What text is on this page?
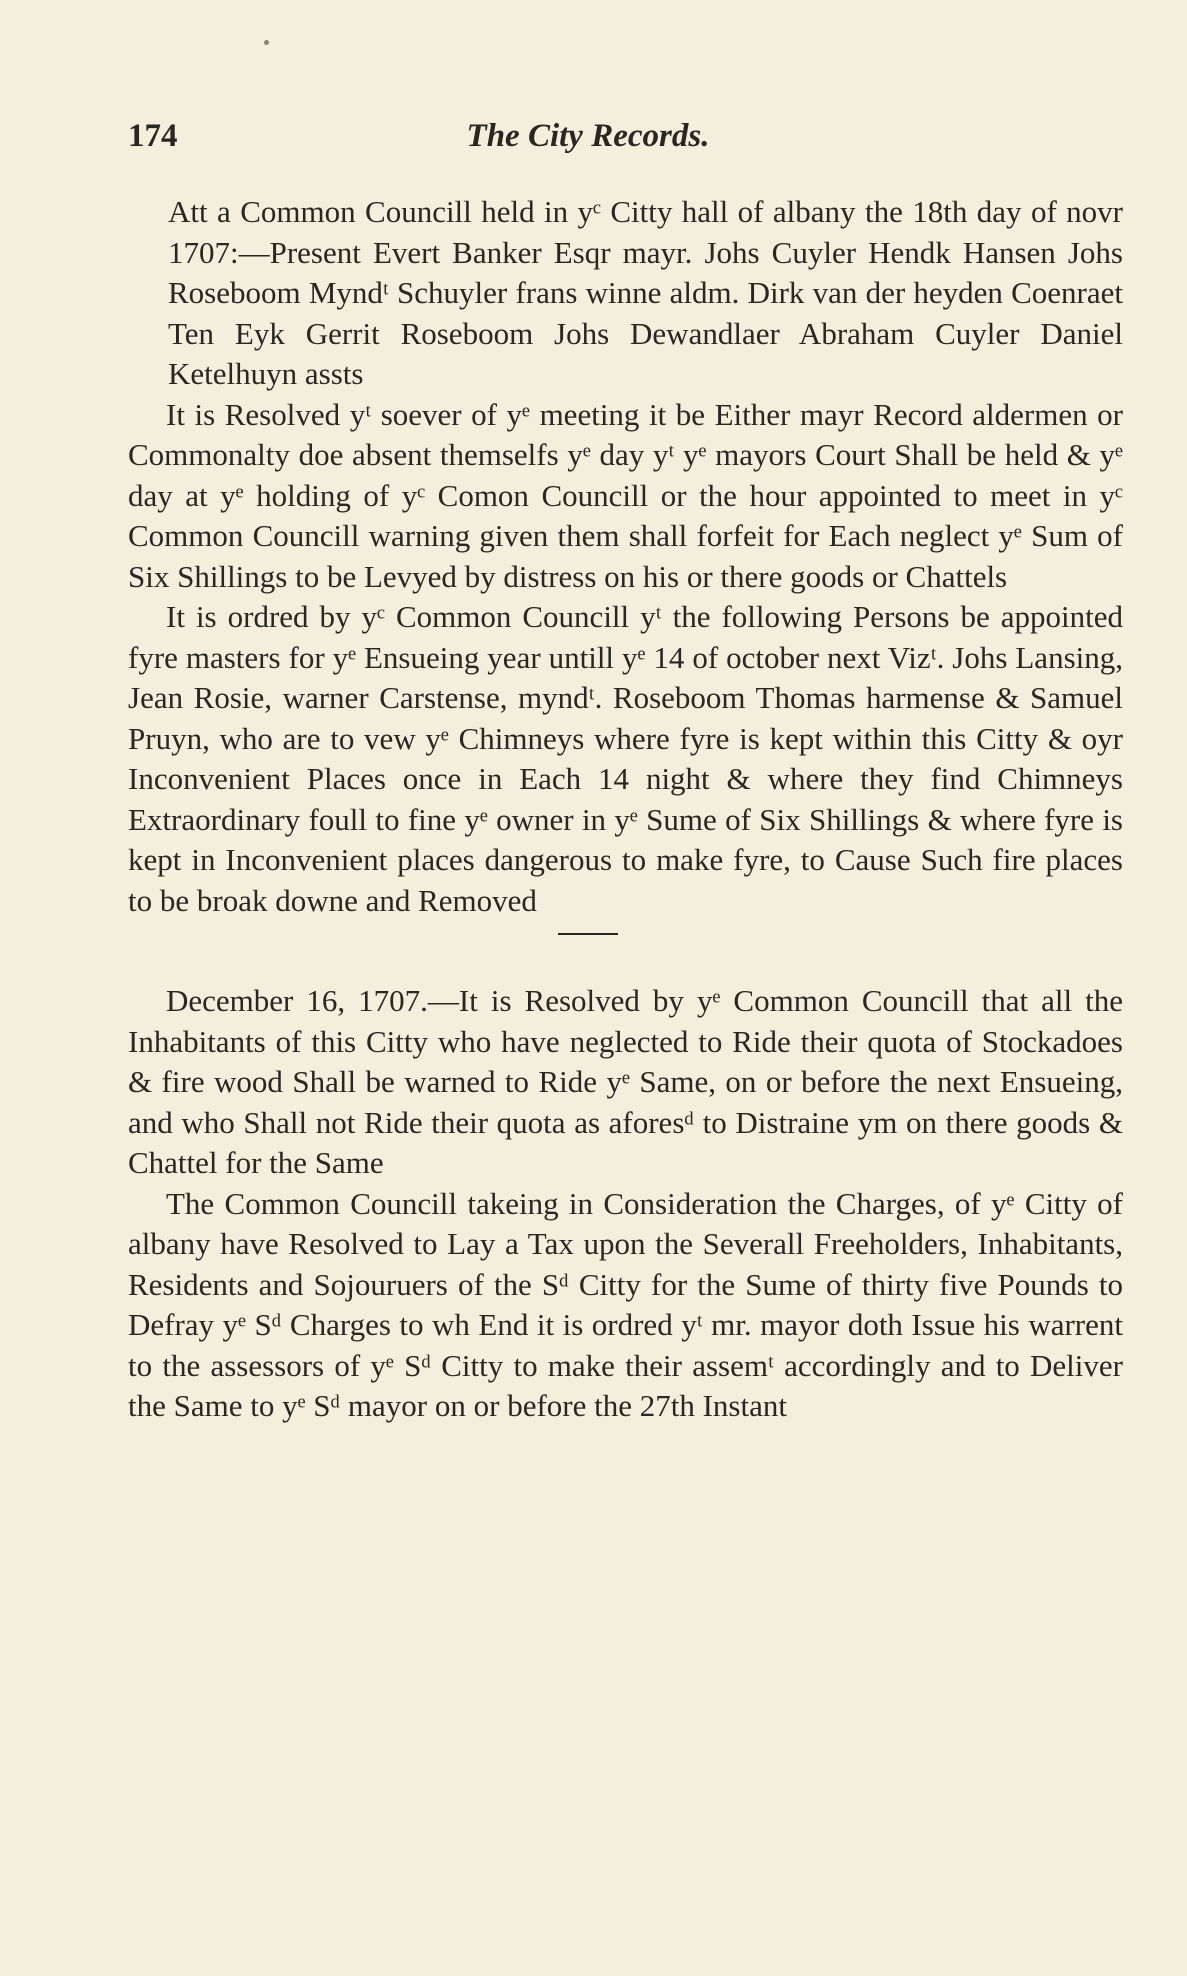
174	The City Records.

Att a Common Councill held in yᶜ Citty hall of albany the 18th day of novr 1707:—Present Evert Banker Esqr mayr. Johs Cuyler Hendk Hansen Johs Roseboom Myndᵗ Schuyler frans winne aldm. Dirk van der heyden Coenraet Ten Eyk Gerrit Roseboom Johs Dewandlaer Abraham Cuyler Daniel Ketelhuyn assts

It is Resolved yᵗ soever of yᵉ meeting it be Either mayr Record aldermen or Commonalty doe absent themselfs yᵉ day yᵗ yᵉ mayors Court Shall be held & yᵉ day at yᵉ holding of yᶜ Comon Councill or the hour appointed to meet in yᶜ Common Councill warning given them shall forfeit for Each neglect yᵉ Sum of Six Shillings to be Levyed by distress on his or there goods or Chattels

It is ordred by yᶜ Common Councill yᵗ the following Persons be appointed fyre masters for yᵉ Ensueing year untill yᵉ 14 of october next Vizᵗ. Johs Lansing, Jean Rosie, warner Carstense, myndᵗ. Roseboom Thomas harmense & Samuel Pruyn, who are to vew yᵉ Chimneys where fyre is kept within this Citty & oyr Inconvenient Places once in Each 14 night & where they find Chimneys Extraordinary foull to fine yᵉ owner in yᵉ Sume of Six Shillings & where fyre is kept in Inconvenient places dangerous to make fyre, to Cause Such fire places to be broak downe and Removed

December 16, 1707.—It is Resolved by yᵉ Common Councill that all the Inhabitants of this Citty who have neglected to Ride their quota of Stockadoes & fire wood Shall be warned to Ride yᵉ Same, on or before the next Ensueing, and who Shall not Ride their quota as aforesᵈ to Distraine ym on there goods & Chattel for the Same

The Common Councill takeing in Consideration the Charges, of yᵉ Citty of albany have Resolved to Lay a Tax upon the Severall Freeholders, Inhabitants, Residents and Sojouruers of the Sᵈ Citty for the Sume of thirty five Pounds to Defray yᵉ Sᵈ Charges to wh End it is ordred yᵗ mr. mayor doth Issue his warrent to the assessors of yᵉ Sᵈ Citty to make their assemᵗ accordingly and to Deliver the Same to yᵉ Sᵈ mayor on or before the 27th Instant
